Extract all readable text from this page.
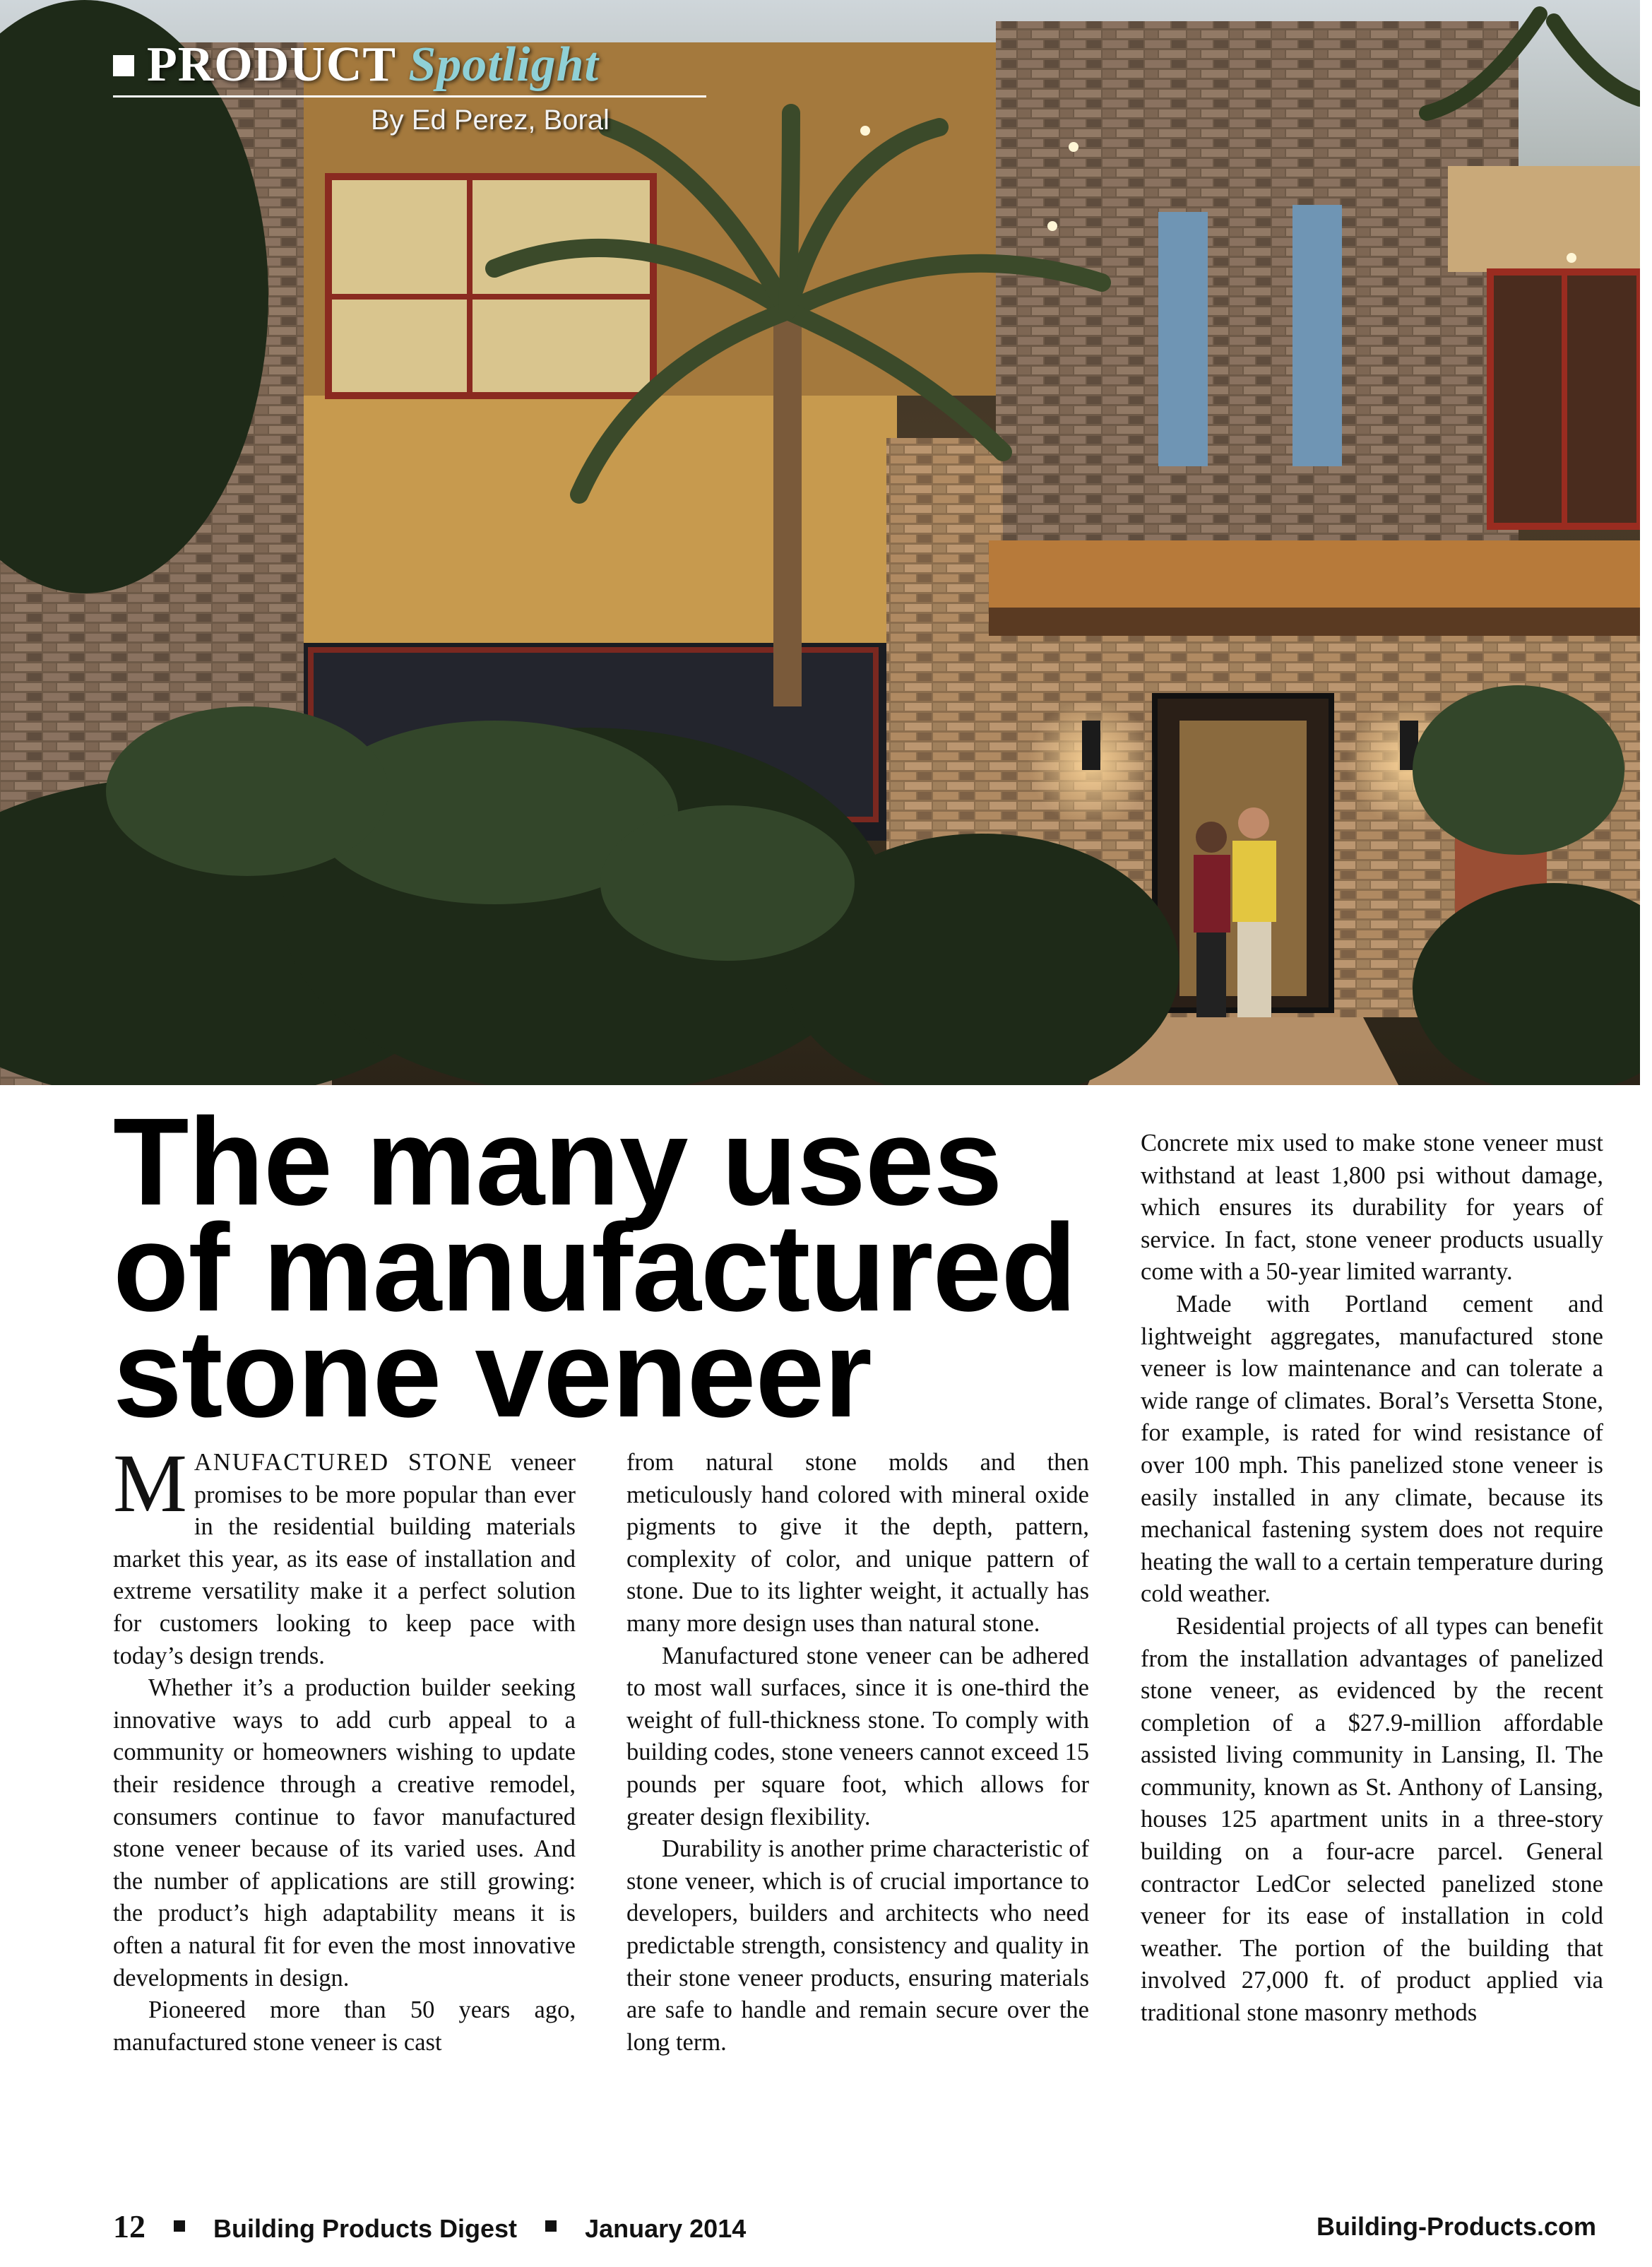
PRODUCT Spotlight
By Ed Perez, Boral
The many uses
of manufactured
stone veneer

MANUFACTURED STONE veneer promises to be more popular than ever in the residential building materials market this year, as its ease of installation and extreme versatility make it a perfect solution for customers looking to keep pace with today’s design trends.

Whether it’s a production builder seeking innovative ways to add curb appeal to a community or homeowners wishing to update their residence through a creative remodel, consumers continue to favor manufactured stone veneer because of its varied uses. And the number of applications are still growing: the product’s high adaptability means it is often a natural fit for even the most innovative developments in design.

Pioneered more than 50 years ago, manufactured stone veneer is cast

from natural stone molds and then meticulously hand colored with mineral oxide pigments to give it the depth, pattern, complexity of color, and unique pattern of stone. Due to its lighter weight, it actually has many more design uses than natural stone.

Manufactured stone veneer can be adhered to most wall surfaces, since it is one-third the weight of full-thickness stone. To comply with building codes, stone veneers cannot exceed 15 pounds per square foot, which allows for greater design flexibility.

Durability is another prime characteristic of stone veneer, which is of crucial importance to developers, builders and architects who need predictable strength, consistency and quality in their stone veneer products, ensuring materials are safe to handle and remain secure over the long term.

Concrete mix used to make stone veneer must withstand at least 1,800 psi without damage, which ensures its durability for years of service. In fact, stone veneer products usually come with a 50-year limited warranty.

Made with Portland cement and lightweight aggregates, manufactured stone veneer is low maintenance and can tolerate a wide range of climates. Boral’s Versetta Stone, for example, is rated for wind resistance of over 100 mph. This panelized stone veneer is easily installed in any climate, because its mechanical fastening system does not require heating the wall to a certain temperature during cold weather.

Residential projects of all types can benefit from the installation advantages of panelized stone veneer, as evidenced by the recent completion of a $27.9-million affordable assisted living community in Lansing, Il. The community, known as St. Anthony of Lansing, houses 125 apartment units in a three-story building on a four-acre parcel. General contractor LedCor selected panelized stone veneer for its ease of installation in cold weather. The portion of the building that involved 27,000 ft. of product applied via traditional stone masonry methods

12	Building Products Digest	January 2014	Building-Products.com
